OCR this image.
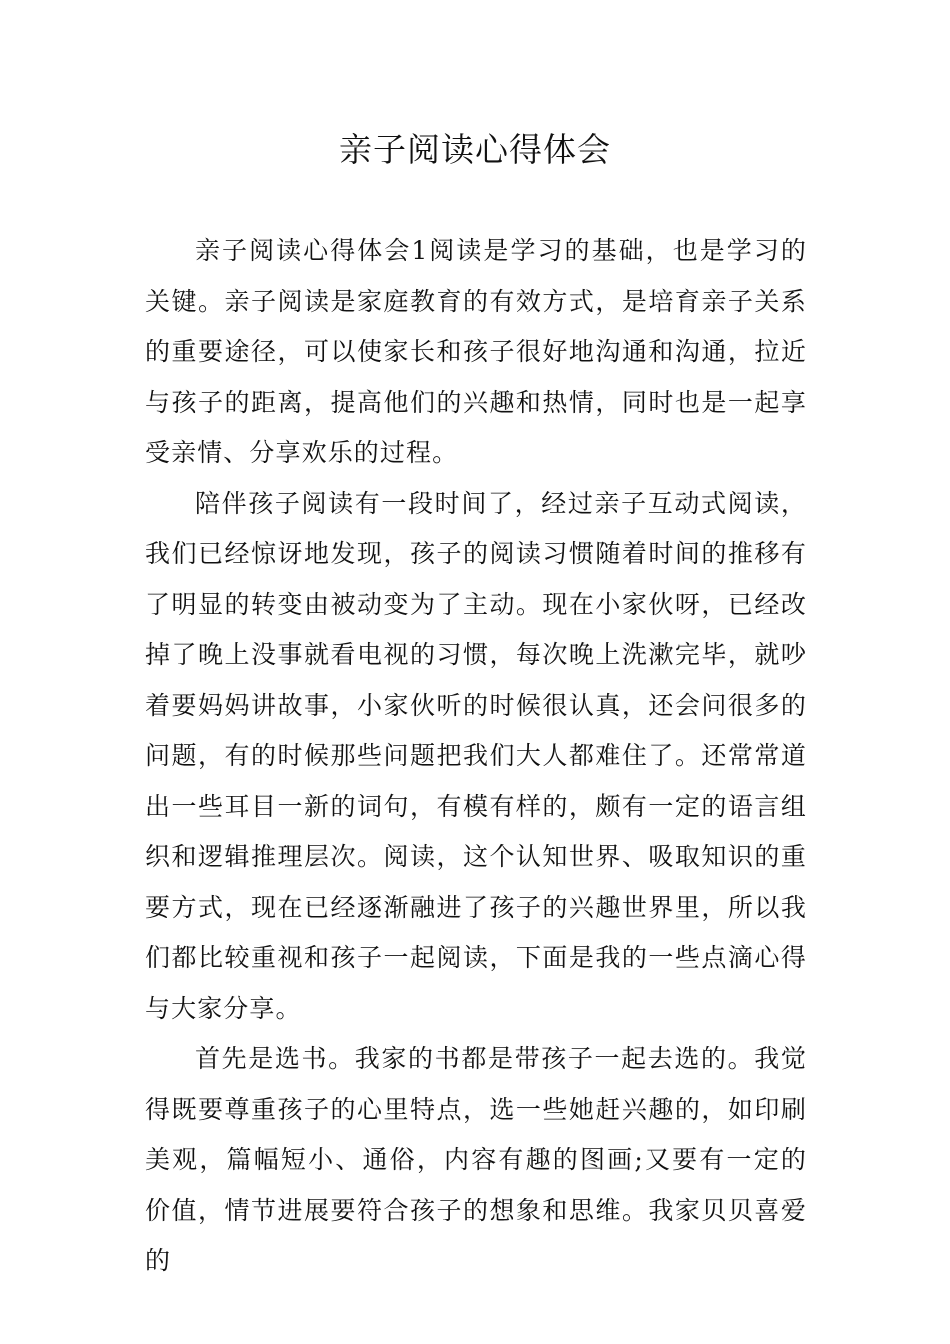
亲子阅读心得体会

亲子阅读心得体会1阅读是学习的基础，也是学习的关键。亲子阅读是家庭教育的有效方式，是培育亲子关系的重要途径，可以使家长和孩子很好地沟通和沟通，拉近与孩子的距离，提高他们的兴趣和热情，同时也是一起享受亲情、分享欢乐的过程。

陪伴孩子阅读有一段时间了，经过亲子互动式阅读，我们已经惊讶地发现，孩子的阅读习惯随着时间的推移有了明显的转变由被动变为了主动。现在小家伙呀，已经改掉了晚上没事就看电视的习惯，每次晚上洗漱完毕，就吵着要妈妈讲故事，小家伙听的时候很认真，还会问很多的问题，有的时候那些问题把我们大人都难住了。还常常道出一些耳目一新的词句，有模有样的，颇有一定的语言组织和逻辑推理层次。阅读，这个认知世界、吸取知识的重要方式，现在已经逐渐融进了孩子的兴趣世界里，所以我们都比较重视和孩子一起阅读，下面是我的一些点滴心得与大家分享。

首先是选书。我家的书都是带孩子一起去选的。我觉得既要尊重孩子的心里特点，选一些她赶兴趣的，如印刷美观，篇幅短小、通俗，内容有趣的图画;又要有一定的价值，情节进展要符合孩子的想象和思维。我家贝贝喜爱的
